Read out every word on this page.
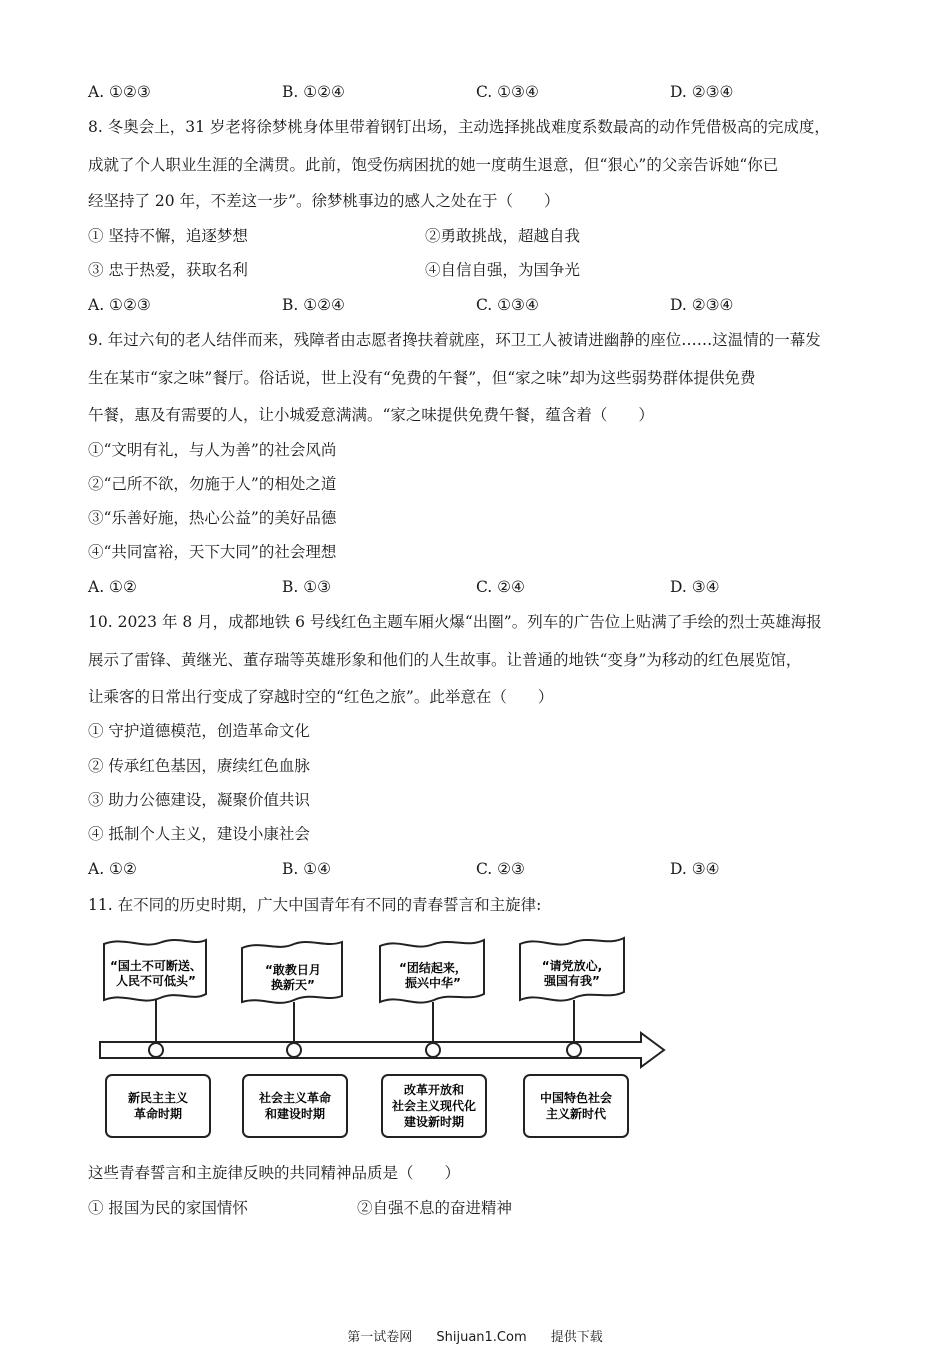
A. ①②③	B. ①②④	C. ①③④	D. ②③④
8. 冬奥会上，31 岁老将徐梦桃身体里带着钢钉出场，主动选择挑战难度系数最高的动作凭借极高的完成度，
成就了个人职业生涯的全满贯。此前，饱受伤病困扰的她一度萌生退意，但“狠心”的父亲告诉她“你已
经坚持了 20 年，不差这一步”。徐梦桃事边的感人之处在于（　　）
① 坚持不懈，追逐梦想	②勇敢挑战，超越自我
③ 忠于热爱，获取名利	④自信自强，为国争光
A. ①②③	B. ①②④	C. ①③④	D. ②③④
9. 年过六旬的老人结伴而来，残障者由志愿者搀扶着就座，环卫工人被请进幽静的座位……这温情的一幕发
生在某市“家之味”餐厅。俗话说，世上没有“免费的午餐”，但“家之味”却为这些弱势群体提供免费
午餐，惠及有需要的人，让小城爱意满满。“家之味提供免费午餐，蕴含着（　　）
①“文明有礼，与人为善”的社会风尚
②“己所不欲，勿施于人”的相处之道
③“乐善好施，热心公益”的美好品德
④“共同富裕，天下大同”的社会理想
A. ①②	B. ①③	C. ②④	D. ③④
10. 2023 年 8 月，成都地铁 6 号线红色主题车厢火爆“出圈”。列车的广告位上贴满了手绘的烈士英雄海报
展示了雷锋、黄继光、董存瑞等英雄形象和他们的人生故事。让普通的地铁“变身”为移动的红色展览馆，
让乘客的日常出行变成了穿越时空的“红色之旅”。此举意在（　　）
① 守护道德模范，创造革命文化
② 传承红色基因，赓续红色血脉
③ 助力公德建设，凝聚价值共识
④ 抵制个人主义，建设小康社会
A. ①②	B. ①④	C. ②③	D. ③④
11. 在不同的历史时期，广大中国青年有不同的青春誓言和主旋律:
“国土不可断送、
人民不可低头”
“敢教日月
换新天”
“团结起来，
振兴中华”
“请党放心,
强国有我”
新民主主义
革命时期
社会主义革命
和建设时期
改革开放和
社会主义现代化
建设新时期
中国特色社会
主义新时代
这些青春誓言和主旋律反映的共同精神品质是（　　）
① 报国为民的家国情怀	②自强不息的奋进精神
第一试卷网 Shijuan1.Com 提供下载
